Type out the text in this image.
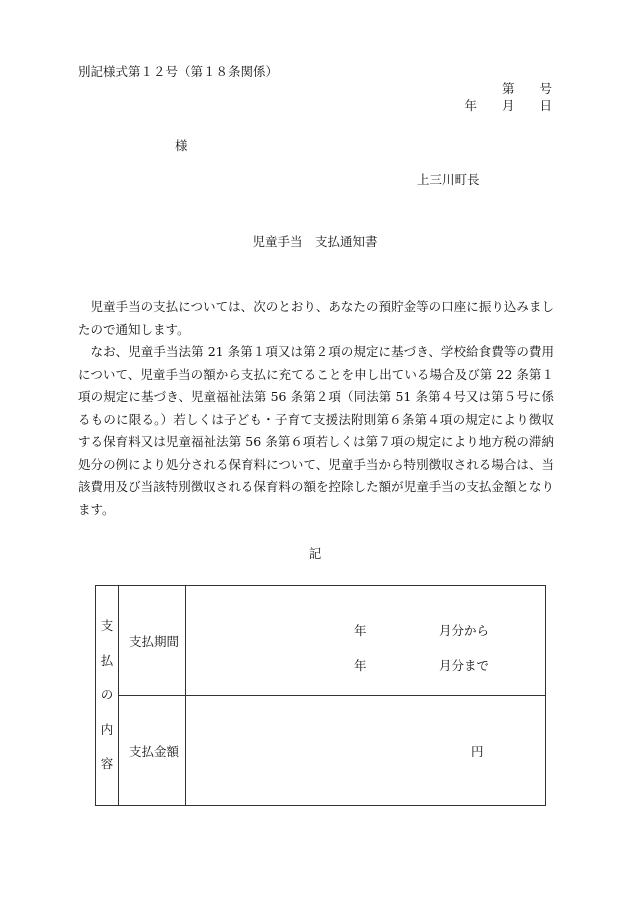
別記様式第１２号（第１８条関係）
第　　号
年　　月　　日
様
上三川町長
児童手当　支払通知書

児童手当の支払については、次のとおり、あなたの預貯金等の口座に振り込みましたので通知します。

なお、児童手当法第 21 条第１項又は第２項の規定に基づき、学校給食費等の費用について、児童手当の額から支払に充てることを申し出ている場合及び第 22 条第１項の規定に基づき、児童福祉法第 56 条第２項（同法第 51 条第４号又は第５号に係るものに限る。）若しくは子ども・子育て支援法附則第６条第４項の規定により徴収する保育料又は児童福祉法第 56 条第６項若しくは第７項の規定により地方税の滞納処分の例により処分される保育料について、児童手当から特別徴収される場合は、当該費用及び当該特別徴収される保育料の額を控除した額が児童手当の支払金額となります。

記
支
払
の
内
容	支払期間	年 月分から
年 月分まで

	支払金額	円
